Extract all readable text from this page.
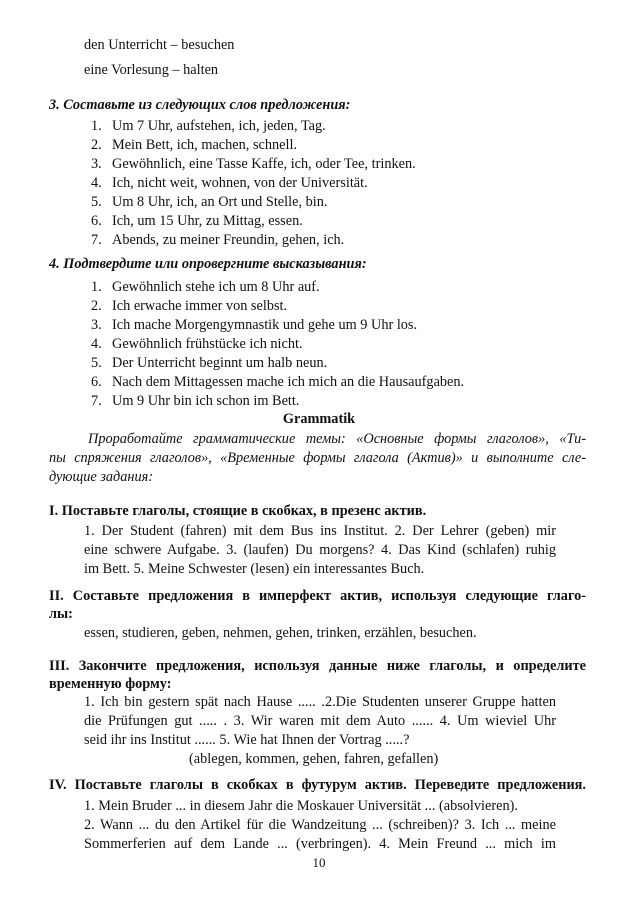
den Unterricht – besuchen
eine Vorlesung – halten
3. Составьте из следующих слов предложения:
1. Um 7 Uhr, aufstehen, ich, jeden, Tag.
2. Mein Bett, ich, machen, schnell.
3. Gewöhnlich, eine Tasse Kaffe, ich, oder Tee, trinken.
4. Ich, nicht weit, wohnen, von der Universität.
5. Um 8 Uhr, ich, an Ort und Stelle, bin.
6. Ich, um 15 Uhr, zu Mittag, essen.
7. Abends, zu meiner Freundin, gehen, ich.
4. Подтвердите или опровергните высказывания:
1. Gewöhnlich stehe ich um 8 Uhr auf.
2. Ich erwache immer von selbst.
3. Ich mache Morgengymnastik und gehe um 9 Uhr los.
4. Gewöhnlich frühstücke ich nicht.
5. Der Unterricht beginnt um halb neun.
6. Nach dem Mittagessen mache ich mich an die Hausaufgaben.
7. Um 9 Uhr bin ich schon im Bett.
Grammatik
Проработайте грамматические темы: «Основные формы глаголов», «Ти-
пы спряжения глаголов», «Временные формы глагола (Актив)» и выполните сле-
дующие задания:
I. Поставьте глаголы, стоящие в скобках, в презенс актив.
1. Der Student (fahren) mit dem Bus ins Institut. 2. Der Lehrer (geben) mir
eine schwere Aufgabe. 3. (laufen) Du morgens? 4. Das Kind (schlafen) ruhig
im Bett. 5. Meine Schwester (lesen) ein interessantes Buch.
II. Составьте предложения в имперфект актив, используя следующие глаго-
лы:
essen, studieren, geben, nehmen, gehen, trinken, erzählen, besuchen.
III. Закончите предложения, используя данные ниже глаголы, и определите
временную форму:
1. Ich bin gestern spät nach Hause ..... .2.Die Studenten unserer Gruppe hatten
die Prüfungen gut ..... . 3. Wir waren mit dem Auto ...... 4. Um wieviel Uhr
seid ihr ins Institut ...... 5. Wie hat Ihnen der Vortrag .....?
(ablegen, kommen, gehen, fahren, gefallen)
IV. Поставьте глаголы в скобках в футурум актив. Переведите предложения.
1. Mein Bruder ... in diesem Jahr die Moskauer Universität ... (absolvieren).
2. Wann ... du den Artikel für die Wandzeitung ... (schreiben)? 3. Ich ... meine
Sommerferien auf dem Lande ... (verbringen). 4. Mein Freund ... mich im
10
